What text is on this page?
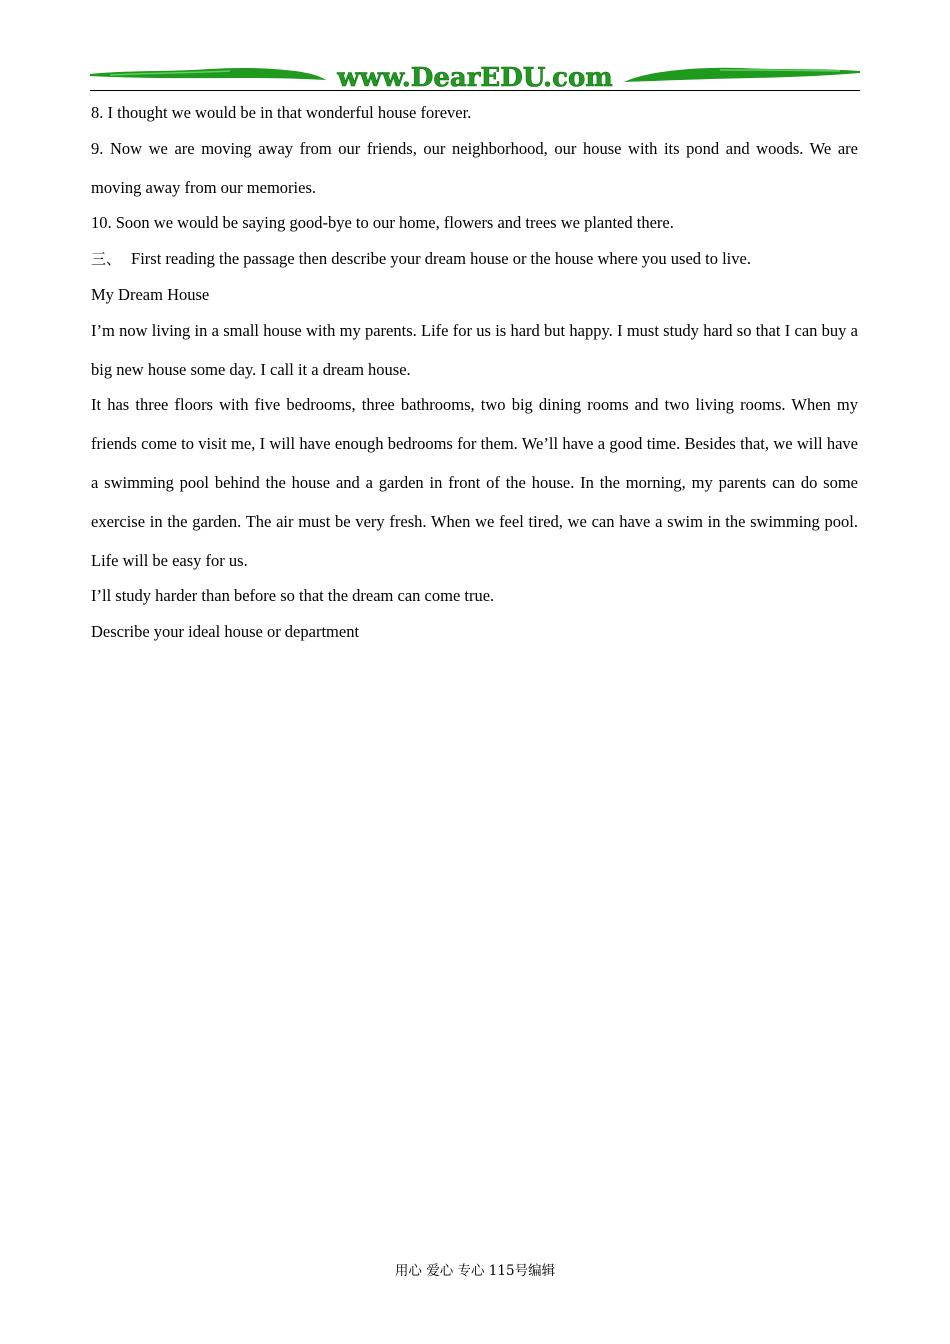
www.DearEDU.com

8. I thought we would be in that wonderful house forever.

9. Now we are moving away from our friends, our neighborhood, our house with its pond and woods. We are moving away from our memories.

10. Soon we would be saying good-bye to our home, flowers and trees we planted there.

三、 First reading the passage then describe your dream house or the house where you used to live.

My Dream House

I’m now living in a small house with my parents. Life for us is hard but happy. I must study hard so that I can buy a big new house some day. I call it a dream house.

It has three floors with five bedrooms, three bathrooms, two big dining rooms and two living rooms. When my friends come to visit me, I will have enough bedrooms for them. We’ll have a good time. Besides that, we will have a swimming pool behind the house and a garden in front of the house. In the morning, my parents can do some exercise in the garden. The air must be very fresh. When we feel tired, we can have a swim in the swimming pool. Life will be easy for us.

I’ll study harder than before so that the dream can come true.

Describe your ideal house or department

用心 爱心 专心 115号编辑
